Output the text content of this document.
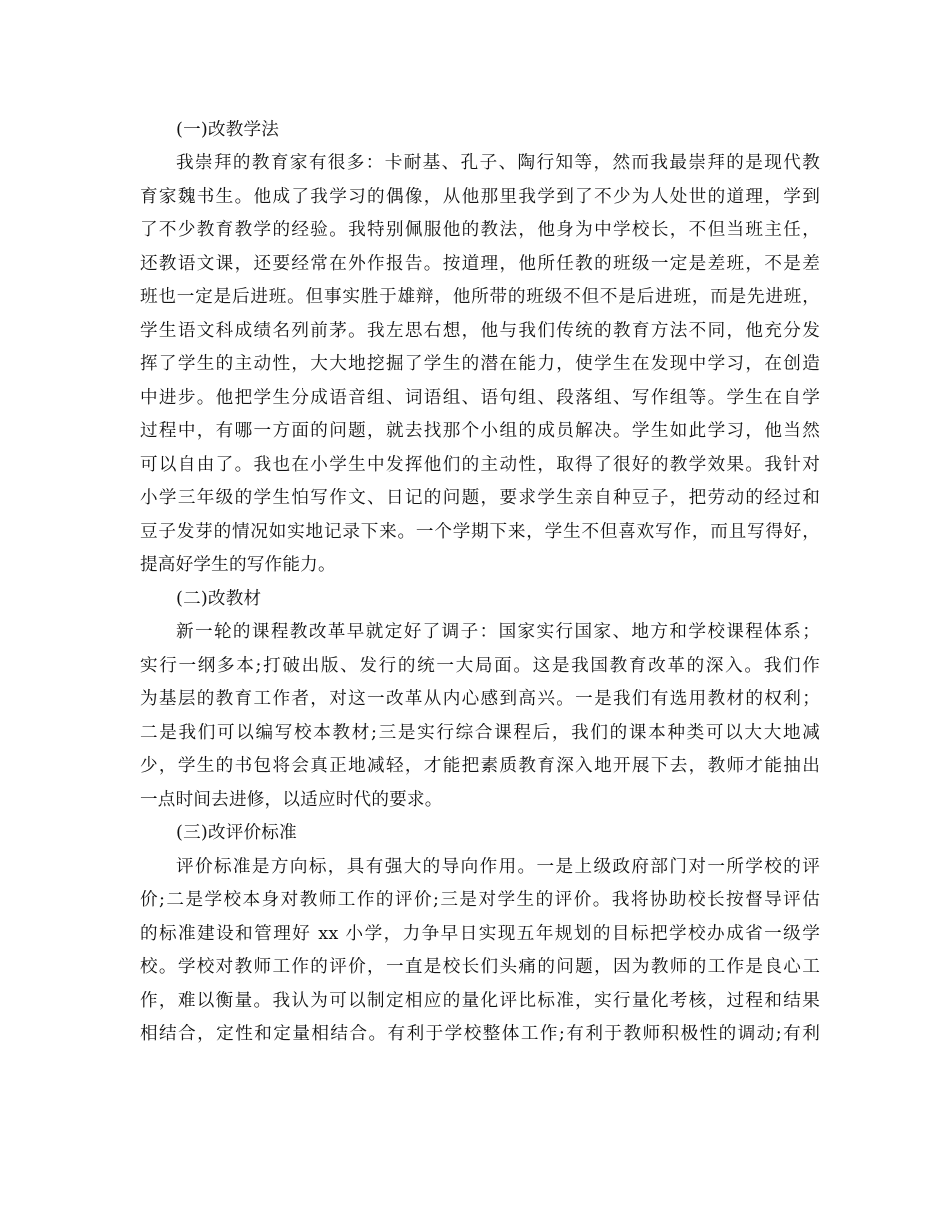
(一)改教学法
我崇拜的教育家有很多：卡耐基、孔子、陶行知等，然而我最崇拜的是现代教
育家魏书生。他成了我学习的偶像，从他那里我学到了不少为人处世的道理，学到
了不少教育教学的经验。我特别佩服他的教法，他身为中学校长，不但当班主任，
还教语文课，还要经常在外作报告。按道理，他所任教的班级一定是差班，不是差
班也一定是后进班。但事实胜于雄辩，他所带的班级不但不是后进班，而是先进班，
学生语文科成绩名列前茅。我左思右想，他与我们传统的教育方法不同，他充分发
挥了学生的主动性，大大地挖掘了学生的潜在能力，使学生在发现中学习，在创造
中进步。他把学生分成语音组、词语组、语句组、段落组、写作组等。学生在自学
过程中，有哪一方面的问题，就去找那个小组的成员解决。学生如此学习，他当然
可以自由了。我也在小学生中发挥他们的主动性，取得了很好的教学效果。我针对
小学三年级的学生怕写作文、日记的问题，要求学生亲自种豆子，把劳动的经过和
豆子发芽的情况如实地记录下来。一个学期下来，学生不但喜欢写作，而且写得好，
提高好学生的写作能力。
(二)改教材
新一轮的课程教改革早就定好了调子：国家实行国家、地方和学校课程体系；
实行一纲多本;打破出版、发行的统一大局面。这是我国教育改革的深入。我们作
为基层的教育工作者，对这一改革从内心感到高兴。一是我们有选用教材的权利；
二是我们可以编写校本教材;三是实行综合课程后，我们的课本种类可以大大地减
少，学生的书包将会真正地减轻，才能把素质教育深入地开展下去，教师才能抽出
一点时间去进修，以适应时代的要求。
(三)改评价标准
评价标准是方向标，具有强大的导向作用。一是上级政府部门对一所学校的评
价;二是学校本身对教师工作的评价;三是对学生的评价。我将协助校长按督导评估
的标准建设和管理好 xx 小学，力争早日实现五年规划的目标把学校办成省一级学
校。学校对教师工作的评价，一直是校长们头痛的问题，因为教师的工作是良心工
作，难以衡量。我认为可以制定相应的量化评比标准，实行量化考核，过程和结果
相结合，定性和定量相结合。有利于学校整体工作;有利于教师积极性的调动;有利
